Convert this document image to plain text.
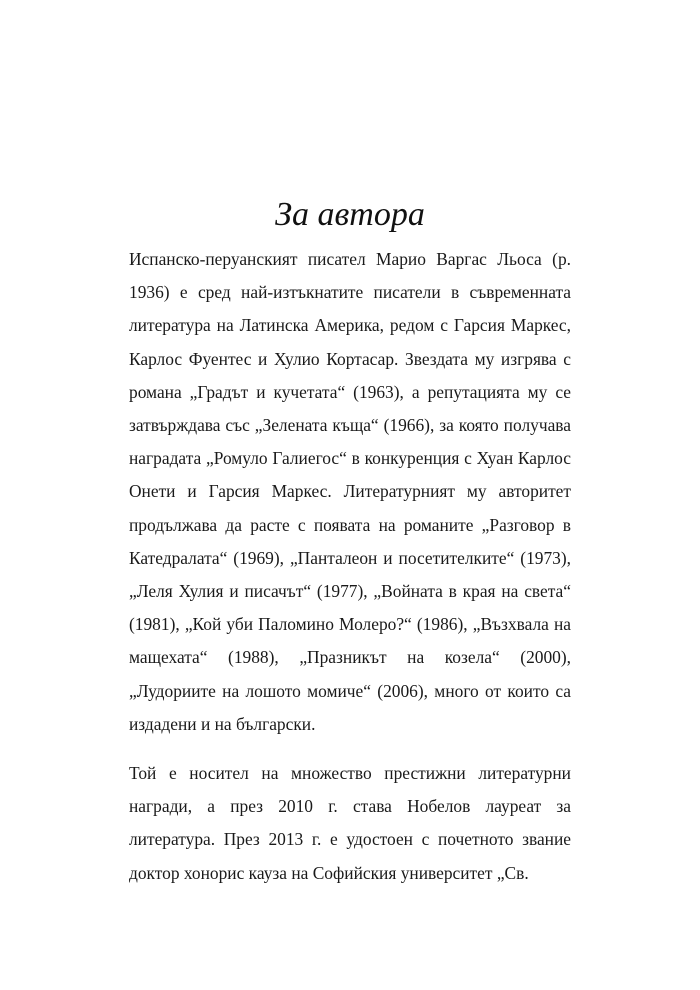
За автора

Испанско-перуанският писател Марио Варгас Льоса (р. 1936) е сред най-изтъкнатите писатели в съвременната литература на Латинска Америка, редом с Гарсия Маркес, Карлос Фуентес и Хулио Кортасар. Звездата му изгрява с романа „Градът и кучетата“ (1963), а репутацията му се затвърждава със „Зелената къща“ (1966), за която получава наградата „Ромуло Галиегос“ в конкуренция с Хуан Карлос Онети и Гарсия Маркес. Литературният му авторитет продължава да расте с появата на романите „Разговор в Катедралата“ (1969), „Панталеон и посетителките“ (1973), „Леля Хулия и писачът“ (1977), „Войната в края на света“ (1981), „Кой уби Паломино Молеро?“ (1986), „Възхвала на мащехата“ (1988), „Празникът на козела“ (2000), „Лудориите на лошото момиче“ (2006), много от които са издадени и на български.

Той е носител на множество престижни литературни награди, а през 2010 г. става Нобелов лауреат за литература. През 2013 г. е удостоен с почетното звание доктор хонорис кауза на Софийския университет „Св.
